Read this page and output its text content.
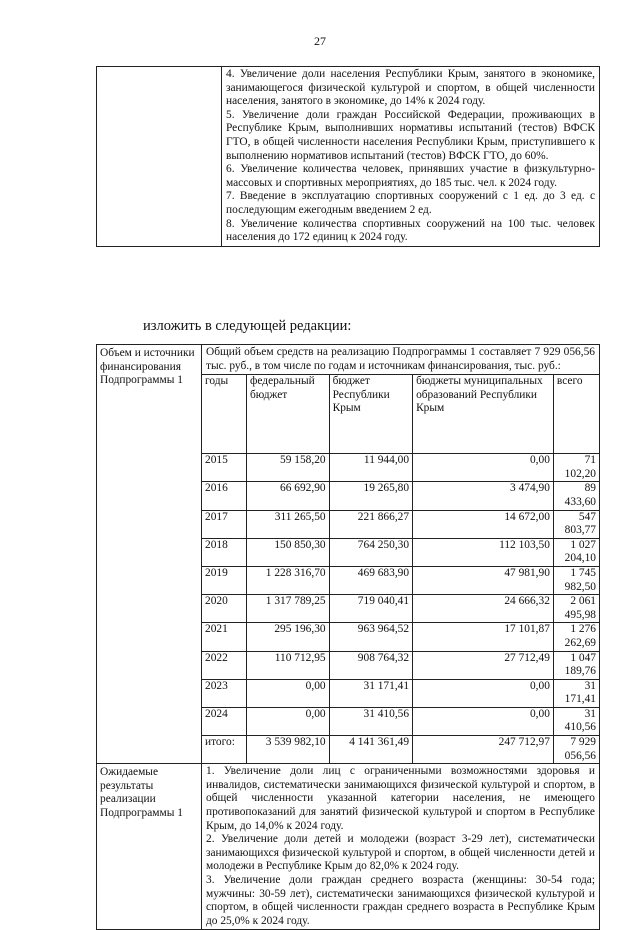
27

4. Увеличение доли населения Республики Крым, занятого в экономике, занимающегося физической культурой и спортом, в общей численности населения, занятого в экономике, до 14% к 2024 году.

5. Увеличение доли граждан Российской Федерации, проживающих в Республике Крым, выполнивших нормативы испытаний (тестов) ВФСК ГТО, в общей численности населения Республики Крым, приступившего к выполнению нормативов испытаний (тестов) ВФСК ГТО, до 60%.

6. Увеличение количества человек, принявших участие в физкультурно-массовых и спортивных мероприятиях, до 185 тыс. чел. к 2024 году.

7. Введение в эксплуатацию спортивных сооружений с 1 ед. до 3 ед. с последующим ежегодным введением 2 ед.

8. Увеличение количества спортивных сооружений на 100 тыс. человек населения до 172 единиц к 2024 году.

изложить в следующей редакции:
Объем и источники финансирования Подпрограммы 1	
Общий объем средств на реализацию Подпрограммы 1 составляет 7 929 056,56 тыс. руб., в том числе по годам и источникам финансирования, тыс. руб.:
годы	федеральный бюджет	бюджет Республики Крым	бюджеты муниципальных образований Республики Крым	всего
2015	59 158,20	11 944,00	0,00	71 102,20
2016	66 692,90	19 265,80	3 474,90	89 433,60
2017	311 265,50	221 866,27	14 672,00	547 803,77
2018	150 850,30	764 250,30	112 103,50	1 027 204,10
2019	1 228 316,70	469 683,90	47 981,90	1 745 982,50
2020	1 317 789,25	719 040,41	24 666,32	2 061 495,98
2021	295 196,30	963 964,52	17 101,87	1 276 262,69
2022	110 712,95	908 764,32	27 712,49	1 047 189,76
2023	0,00	31 171,41	0,00	31 171,41
2024	0,00	31 410,56	0,00	31 410,56
итого:	3 539 982,10	4 141 361,49	247 712,97	7 929 056,56

Ожидаемые результаты реализации Подпрограммы 1	

1. Увеличение доли лиц с ограниченными возможностями здоровья и инвалидов, систематически занимающихся физической культурой и спортом, в общей численности указанной категории населения, не имеющего противопоказаний для занятий физической культурой и спортом в Республике Крым, до 14,0% к 2024 году.

2. Увеличение доли детей и молодежи (возраст 3-29 лет), систематически занимающихся физической культурой и спортом, в общей численности детей и молодежи в Республике Крым до 82,0% к 2024 году.

3. Увеличение доли граждан среднего возраста (женщины: 30-54 года; мужчины: 30-59 лет), систематически занимающихся физической культурой и спортом, в общей численности граждан среднего возраста в Республике Крым до 25,0% к 2024 году.
